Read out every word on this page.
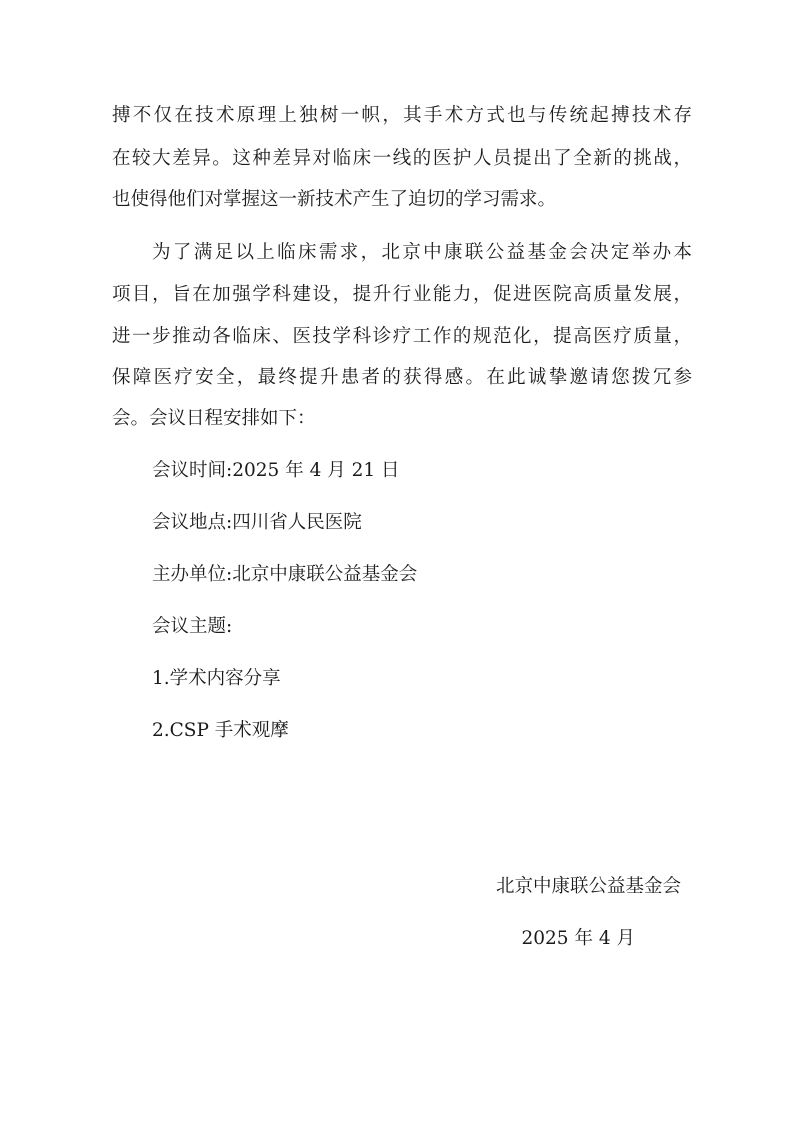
搏不仅在技术原理上独树一帜，其手术方式也与传统起搏技术存

在较大差异。这种差异对临床一线的医护人员提出了全新的挑战，

也使得他们对掌握这一新技术产生了迫切的学习需求。

为了满足以上临床需求，北京中康联公益基金会决定举办本

项目，旨在加强学科建设，提升行业能力，促进医院高质量发展，

进一步推动各临床、医技学科诊疗工作的规范化，提高医疗质量，

保障医疗安全，最终提升患者的获得感。在此诚挚邀请您拨冗参

会。会议日程安排如下：

会议时间:2025 年 4 月 21 日

会议地点:四川省人民医院

主办单位:北京中康联公益基金会

会议主题:

1.学术内容分享

2.CSP 手术观摩

北京中康联公益基金会
2025 年 4 月
